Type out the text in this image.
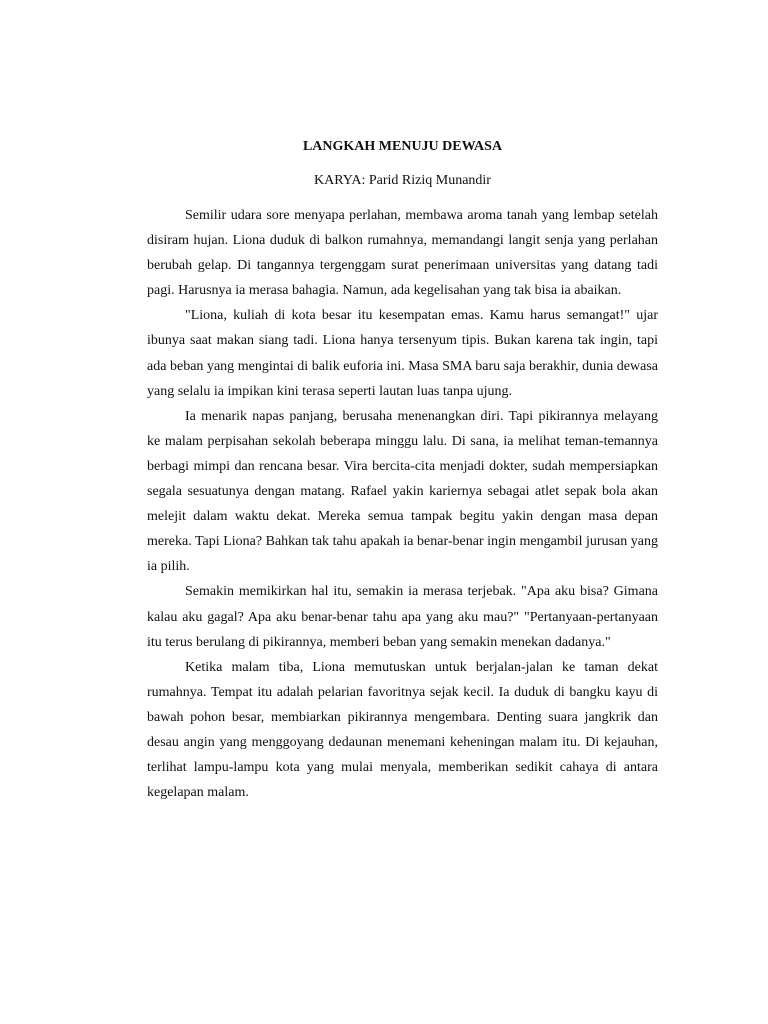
LANGKAH MENUJU DEWASA
KARYA: Parid Riziq Munandir

Semilir udara sore menyapa perlahan, membawa aroma tanah yang lembap setelah disiram hujan. Liona duduk di balkon rumahnya, memandangi langit senja yang perlahan berubah gelap. Di tangannya tergenggam surat penerimaan universitas yang datang tadi pagi. Harusnya ia merasa bahagia. Namun, ada kegelisahan yang tak bisa ia abaikan.

"Liona, kuliah di kota besar itu kesempatan emas. Kamu harus semangat!" ujar ibunya saat makan siang tadi. Liona hanya tersenyum tipis. Bukan karena tak ingin, tapi ada beban yang mengintai di balik euforia ini. Masa SMA baru saja berakhir, dunia dewasa yang selalu ia impikan kini terasa seperti lautan luas tanpa ujung.

Ia menarik napas panjang, berusaha menenangkan diri. Tapi pikirannya melayang ke malam perpisahan sekolah beberapa minggu lalu. Di sana, ia melihat teman-temannya berbagi mimpi dan rencana besar. Vira bercita-cita menjadi dokter, sudah mempersiapkan segala sesuatunya dengan matang. Rafael yakin kariernya sebagai atlet sepak bola akan melejit dalam waktu dekat. Mereka semua tampak begitu yakin dengan masa depan mereka. Tapi Liona? Bahkan tak tahu apakah ia benar-benar ingin mengambil jurusan yang ia pilih.

Semakin memikirkan hal itu, semakin ia merasa terjebak. "Apa aku bisa? Gimana kalau aku gagal? Apa aku benar-benar tahu apa yang aku mau?" "Pertanyaan-pertanyaan itu terus berulang di pikirannya, memberi beban yang semakin menekan dadanya."

Ketika malam tiba, Liona memutuskan untuk berjalan-jalan ke taman dekat rumahnya. Tempat itu adalah pelarian favoritnya sejak kecil. Ia duduk di bangku kayu di bawah pohon besar, membiarkan pikirannya mengembara. Denting suara jangkrik dan desau angin yang menggoyang dedaunan menemani keheningan malam itu. Di kejauhan, terlihat lampu-lampu kota yang mulai menyala, memberikan sedikit cahaya di antara kegelapan malam.
